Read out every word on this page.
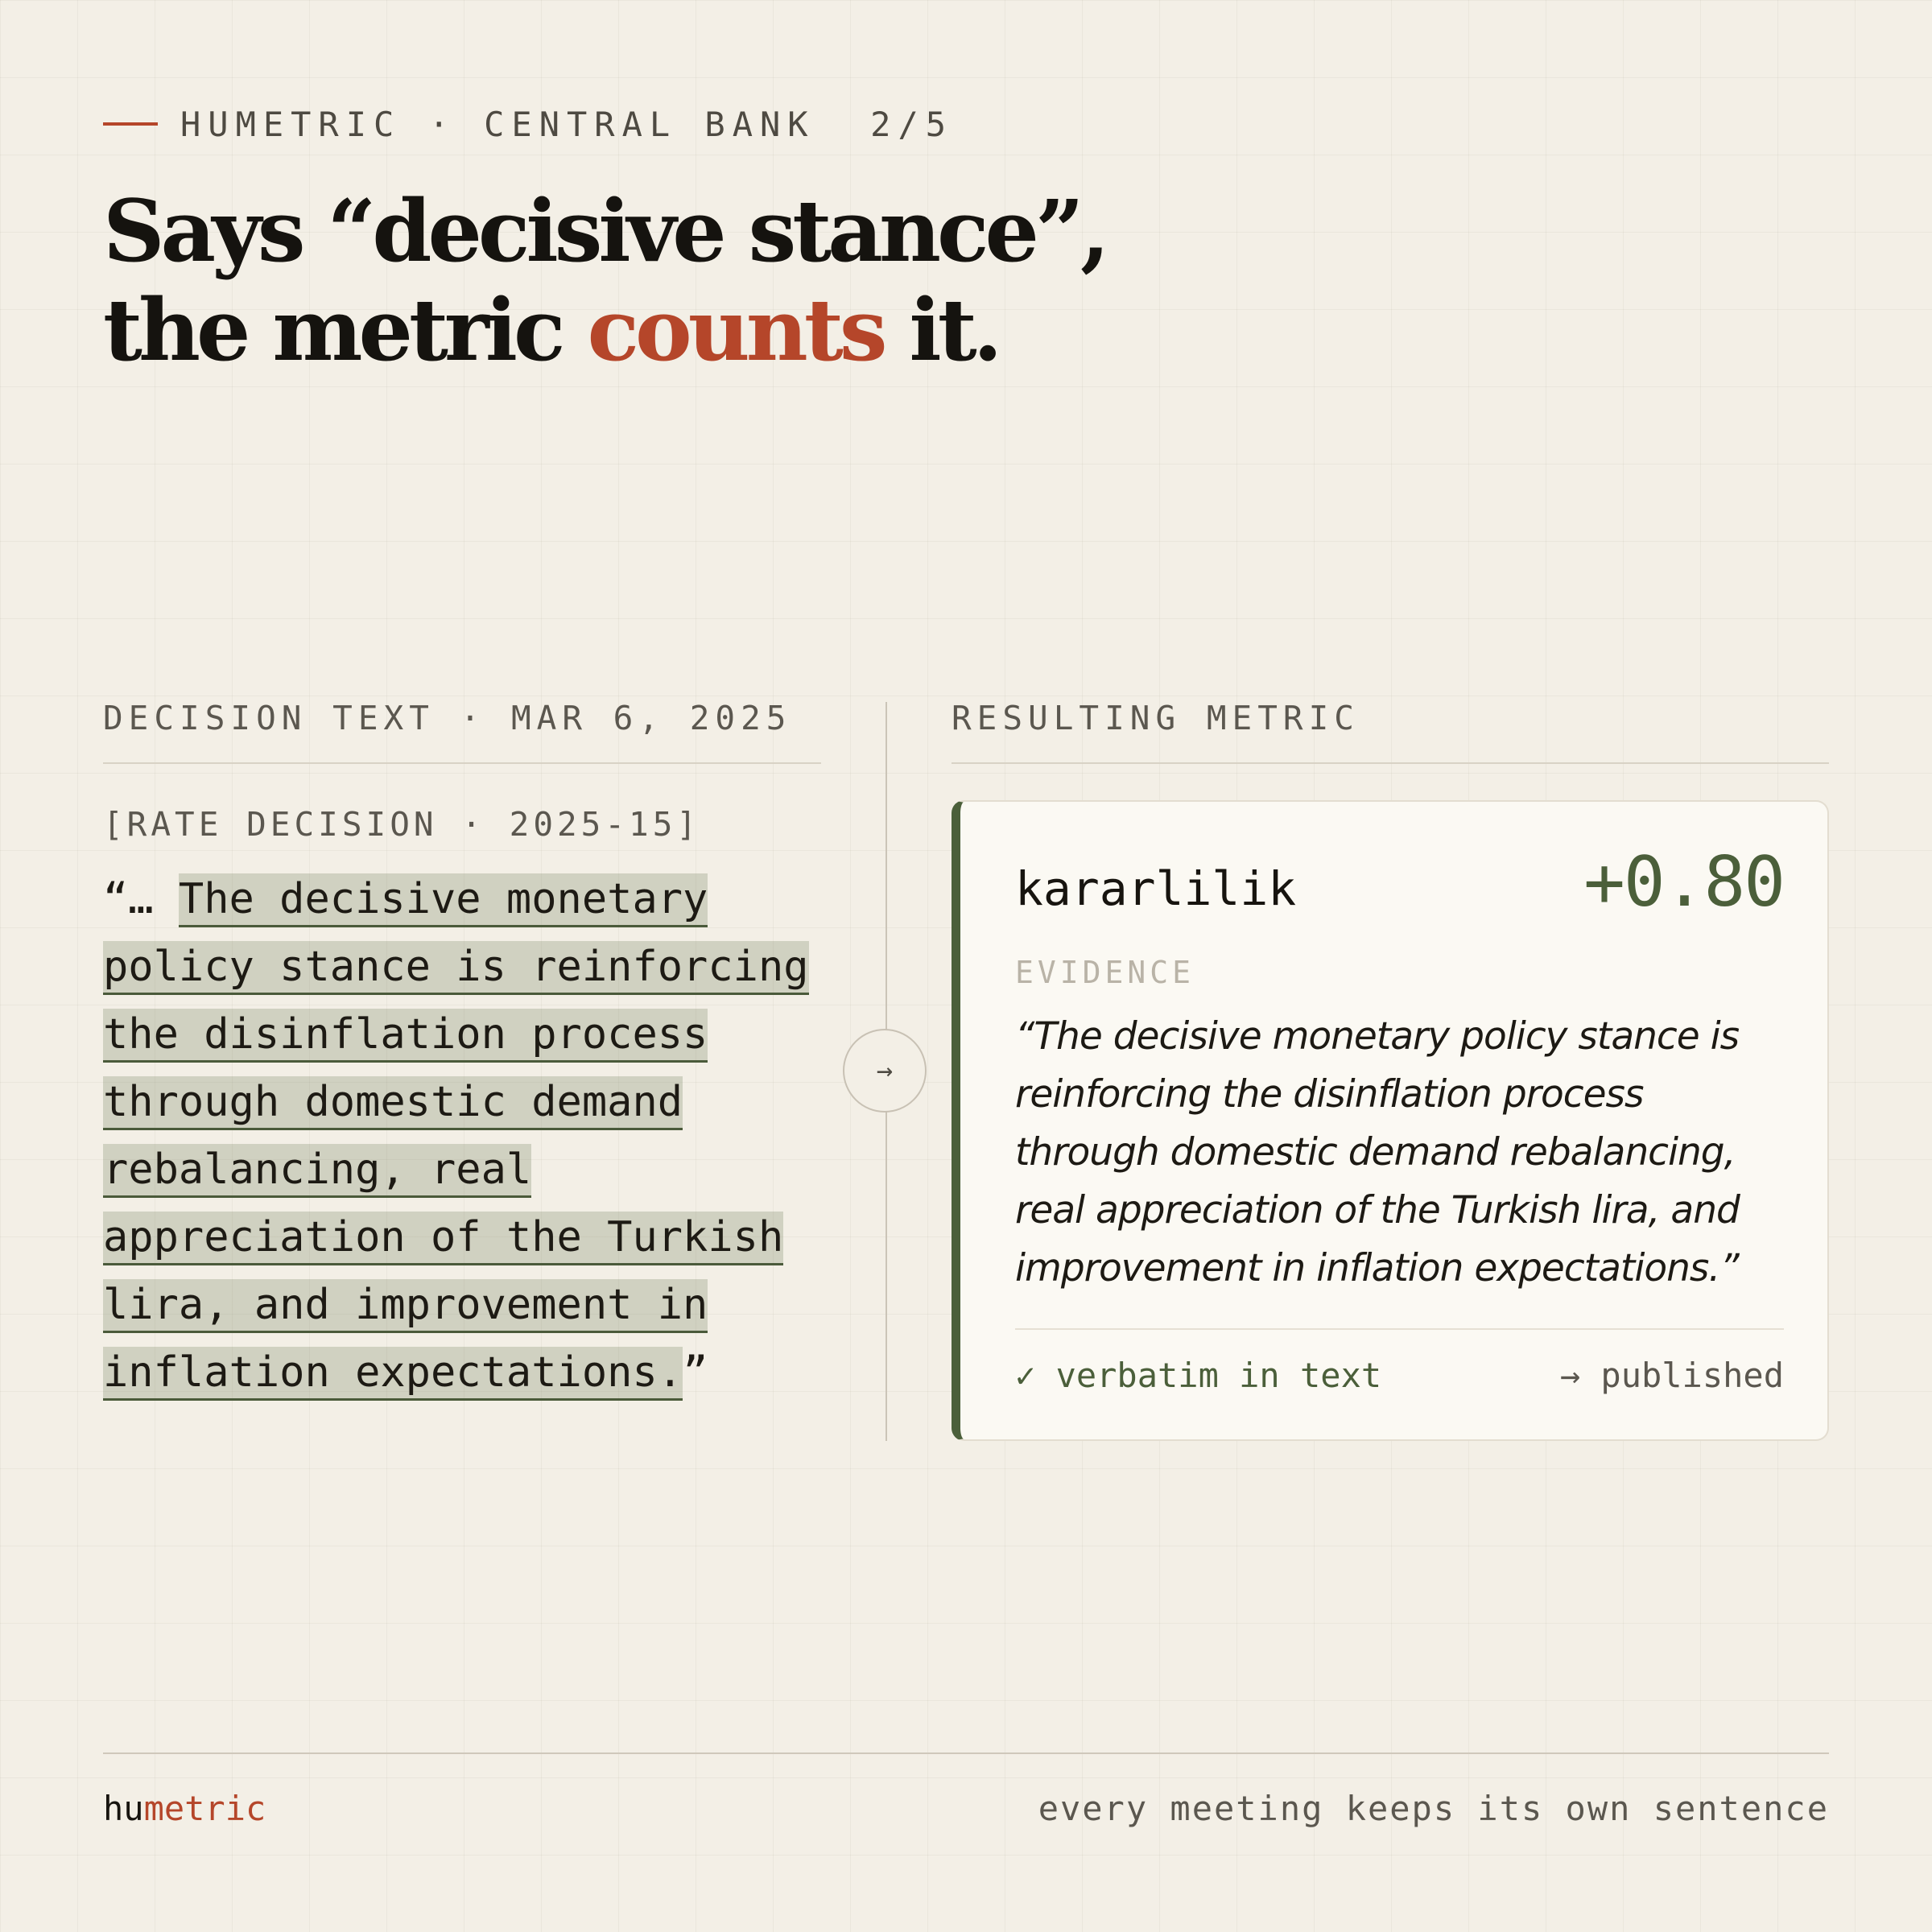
HUMETRIC · CENTRAL BANK
2/5
Says “decisive stance”,
the metric counts it.
DECISION TEXT · MAR 6, 2025	RESULTING METRIC
→
[RATE DECISION · 2025-15]

“… The decisive monetary policy stance is reinforcing the disinflation process through domestic demand rebalancing, real appreciation of the Turkish lira, and improvement in inflation expectations.”

kararlilik	+0.80
EVIDENCE

“The decisive monetary policy stance is reinforcing the disinflation process through domestic demand rebalancing, real appreciation of the Turkish lira, and improvement in inflation expectations.”

✓ verbatim in text	→ published
humetric	every meeting keeps its own sentence
